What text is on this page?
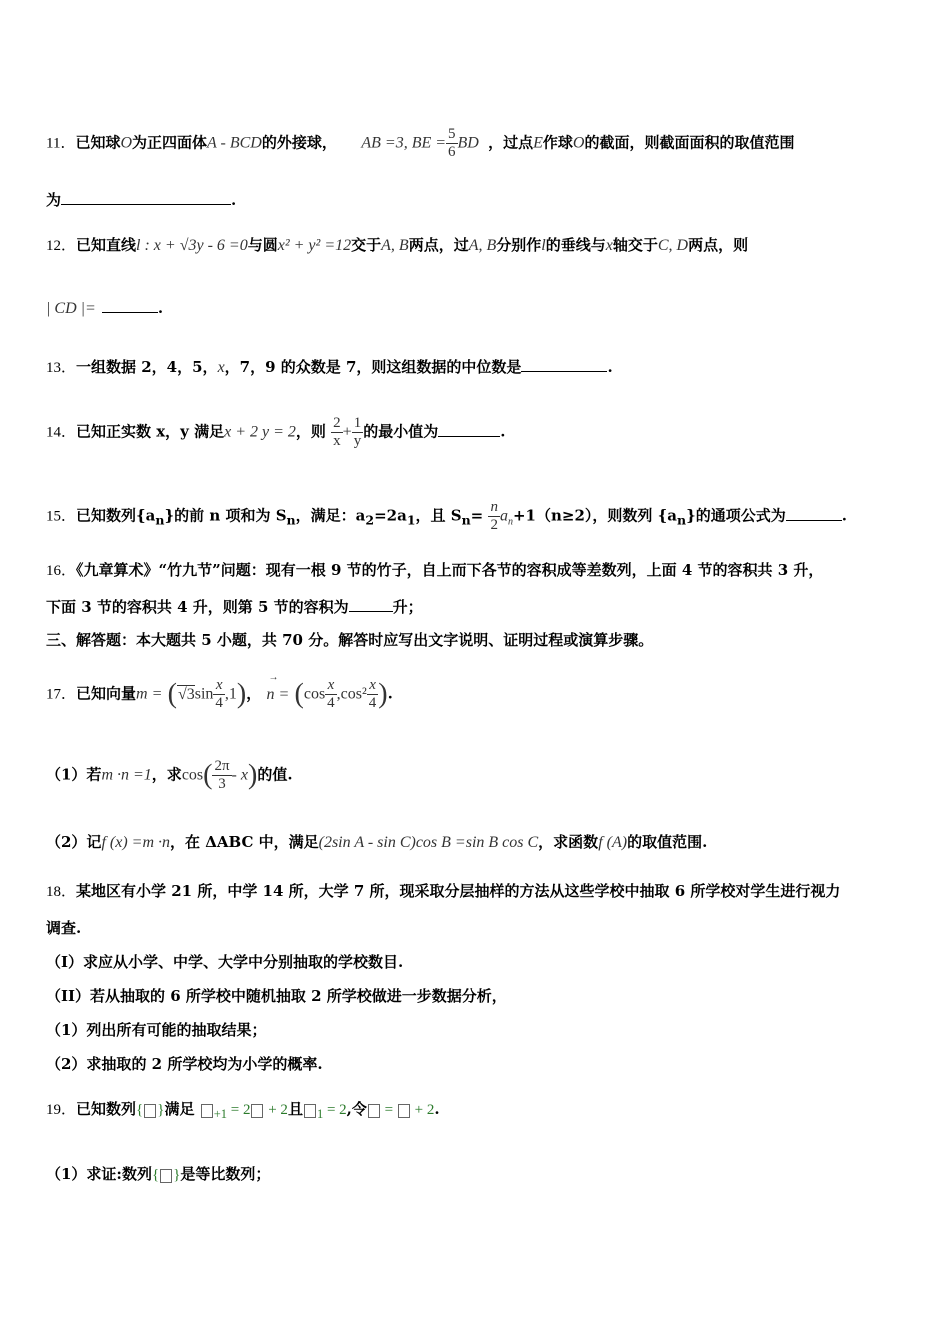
11．已知球O为正四面体A - BCD的外接球， AB =3, BE = $\frac{5}{6}$ BD ，过点E作球O的截面，则截面面积的取值范围
为	.
12．已知直线l : x + √3y - 6 =0与圆x² + y² =12交于A, B两点，过A, B分别作l的垂线与x轴交于C, D两点，则
| CD |=	.
13．一组数据 2，4，5，x，7，9 的众数是 7，则这组数据的中位数是	.
14．已知正实数 x，y 满足x + 2 y = 2，则 $\frac{2}{x} + \frac{1}{y}$ 的最小值为	.
15．已知数列$\{a_n\}$的前 n 项和为 $S_n$，满足：$a_2=2a_1$，且 $S_n= \frac{n}{2} a_n+1(n\ge 2)$，则数列 $\{a_n\}$的通项公式为	.
16．《九章算术》“竹九节”问题：现有一根 9 节的竹子，自上而下各节的容积成等差数列，上面 4 节的容积共 3 升，
下面 3 节的容积共 4 升，则第 5 节的容积为	升；
三、解答题：本大题共 5 小题，共 70 分。解答时应写出文字说明、证明过程或演算步骤。
17．已知向量$m = (√3\sin \frac{x}{4} ,1)$，
→
$n = (\cos \frac{x}{4} ,\cos^2 \frac{x}{4}$ ).
（1）若m ·n =1，求$\cos( \frac{2\pi}{3} - x)$的值.
（2）记f (x) =m ·n，在 ΔABC 中，满足(2sin A - sin C)cos B =sin B cos C，求函数f (A)的取值范围.
18．某地区有小学 21 所，中学 14 所，大学 7 所，现采取分层抽样的方法从这些学校中抽取 6 所学校对学生进行视力
调查.
（I）求应从小学、中学、大学中分别抽取的学校数目.
（II）若从抽取的 6 所学校中随机抽取 2 所学校做进一步数据分析，
（1）列出所有可能的抽取结果；
（2）求抽取的 2 所学校均为小学的概率.
19．已知数列{ }满足 $_{+1}$ = 2 + 2且 $_1$ = 2,令 =  + 2.
（1）求证:数列{ }是等比数列；
